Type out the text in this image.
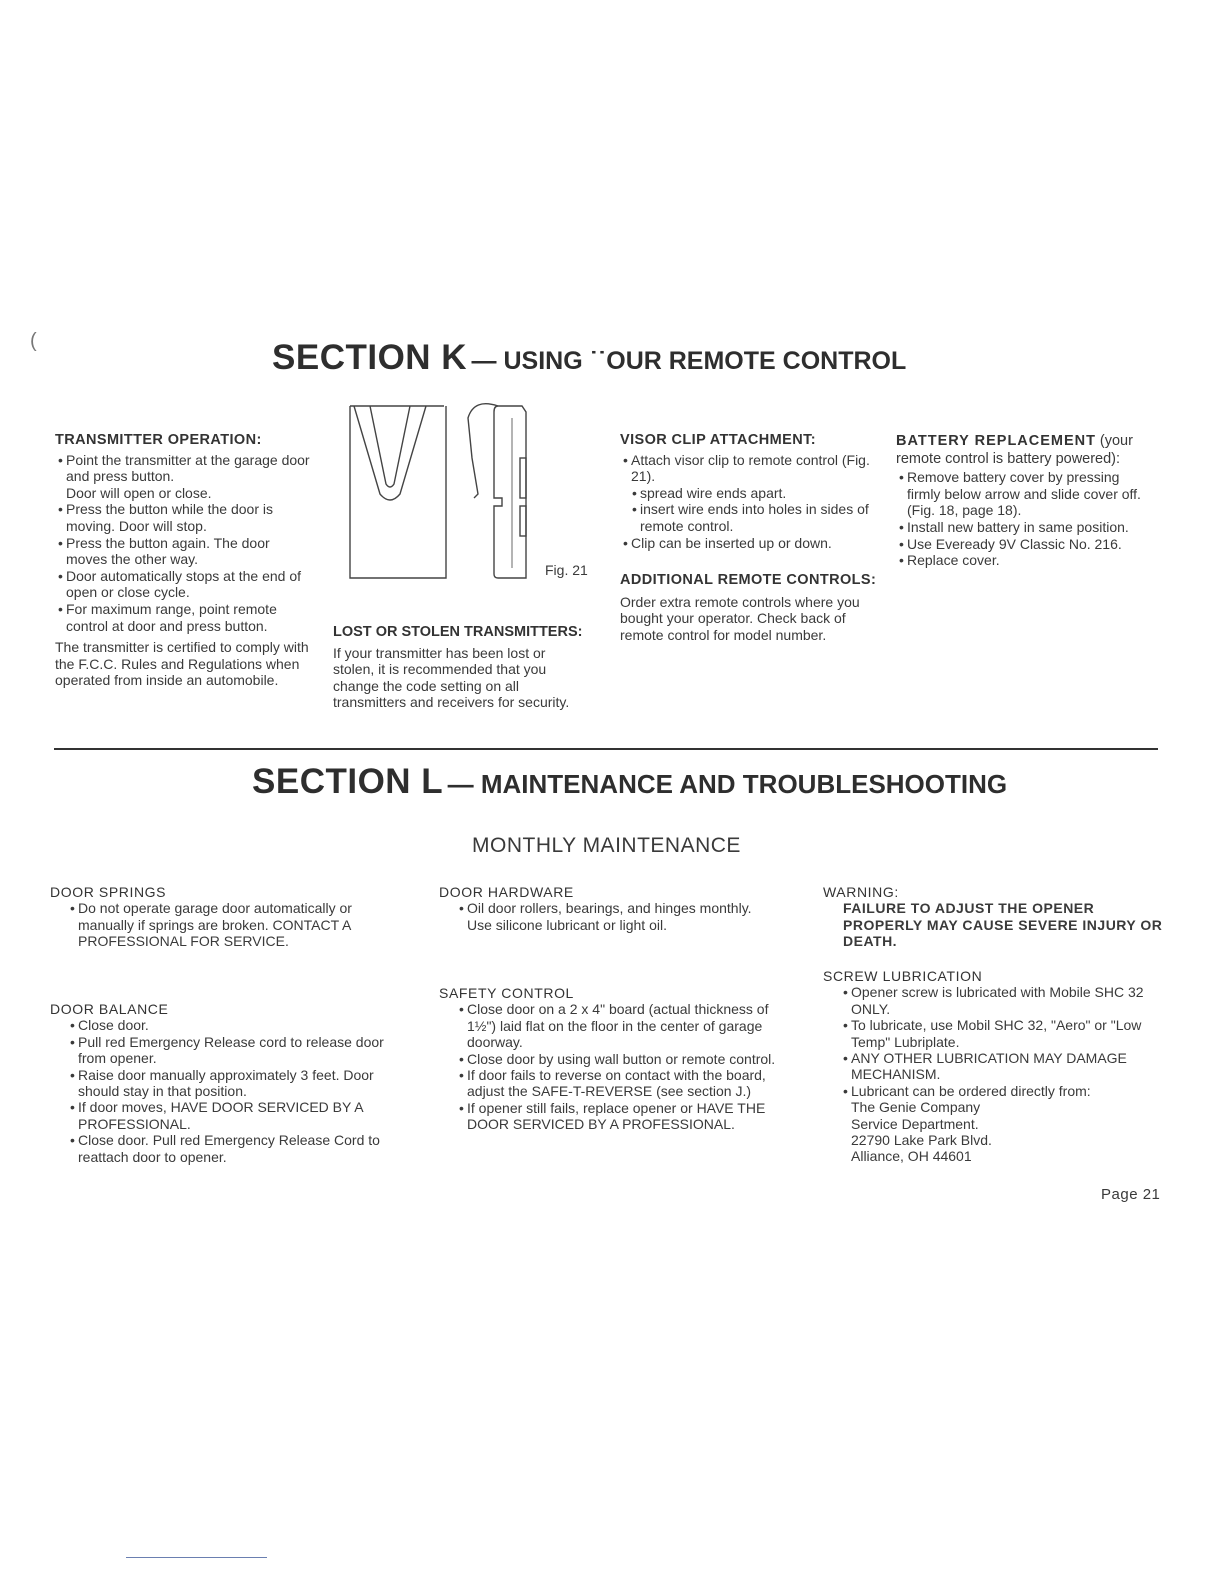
(	SECTION K — USING ˙˙OUR REMOTE CONTROL
TRANSMITTER OPERATION:

• Point the transmitter at the garage door and press button.

Door will open or close.

• Press the button while the door is moving. Door will stop.

• Press the button again. The door moves the other way.

• Door automatically stops at the end of open or close cycle.

• For maximum range, point remote control at door and press button.

The transmitter is certified to comply with the F.C.C. Rules and Regulations when operated from inside an automobile.

Fig. 21
LOST OR STOLEN TRANSMITTERS:

If your transmitter has been lost or stolen, it is recommended that you change the code setting on all transmitters and receivers for security.

VISOR CLIP ATTACHMENT:

• Attach visor clip to remote control (Fig. 21).

• spread wire ends apart.

• insert wire ends into holes in sides of remote control.

• Clip can be inserted up or down.

ADDITIONAL REMOTE CONTROLS:

Order extra remote controls where you bought your operator. Check back of remote control for model number.

BATTERY REPLACEMENT (your remote control is battery powered):

• Remove battery cover by pressing firmly below arrow and slide cover off. (Fig. 18, page 18).

• Install new battery in same position.

• Use Eveready 9V Classic No. 216.

• Replace cover.

SECTION L — MAINTENANCE AND TROUBLESHOOTING
MONTHLY MAINTENANCE
DOOR SPRINGS

• Do not operate garage door automatically or manually if springs are broken. CONTACT A PROFESSIONAL FOR SERVICE.

DOOR BALANCE

• Close door.

• Pull red Emergency Release cord to release door from opener.

• Raise door manually approximately 3 feet. Door should stay in that position.

• If door moves, HAVE DOOR SERVICED BY A PROFESSIONAL.

• Close door. Pull red Emergency Release Cord to reattach door to opener.

DOOR HARDWARE

• Oil door rollers, bearings, and hinges monthly. Use silicone lubricant or light oil.

SAFETY CONTROL

• Close door on a 2 x 4" board (actual thickness of 1½") laid flat on the floor in the center of garage doorway.

• Close door by using wall button or remote control.

• If door fails to reverse on contact with the board, adjust the SAFE-T-REVERSE (see section J.)

• If opener still fails, replace opener or HAVE THE DOOR SERVICED BY A PROFESSIONAL.

WARNING:

FAILURE TO ADJUST THE OPENER PROPERLY MAY CAUSE SEVERE INJURY OR DEATH.

SCREW LUBRICATION

• Opener screw is lubricated with Mobile SHC 32 ONLY.

• To lubricate, use Mobil SHC 32, "Aero" or "Low Temp" Lubriplate.

• ANY OTHER LUBRICATION MAY DAMAGE MECHANISM.

• Lubricant can be ordered directly from:

The Genie Company

Service Department.

22790 Lake Park Blvd.

Alliance, OH 44601

Page 21
